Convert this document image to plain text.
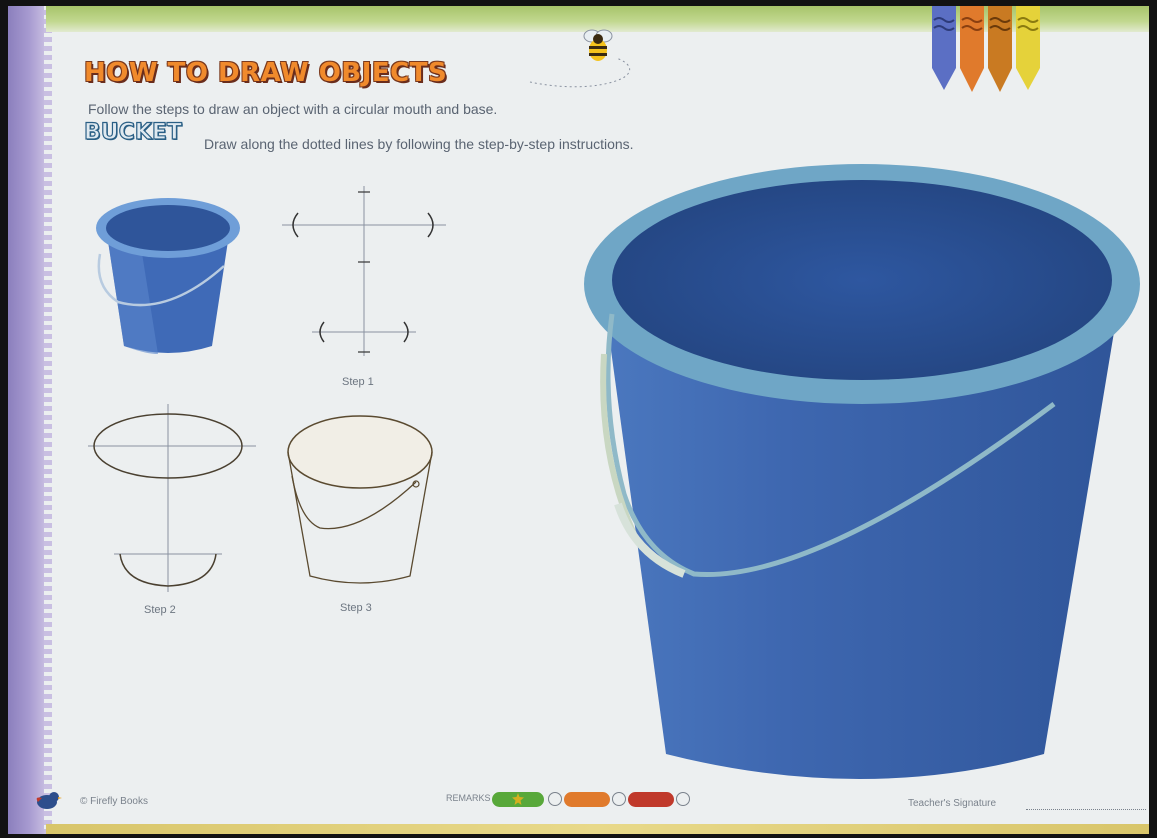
HOW TO DRAW OBJECTS
Follow the steps to draw an object with a circular mouth and base.
BUCKET Draw along the dotted lines by following the step-by-step instructions.
Step 1
Step 2	Step 3
© Firefly Books	REMARKS	Teacher's Signature
